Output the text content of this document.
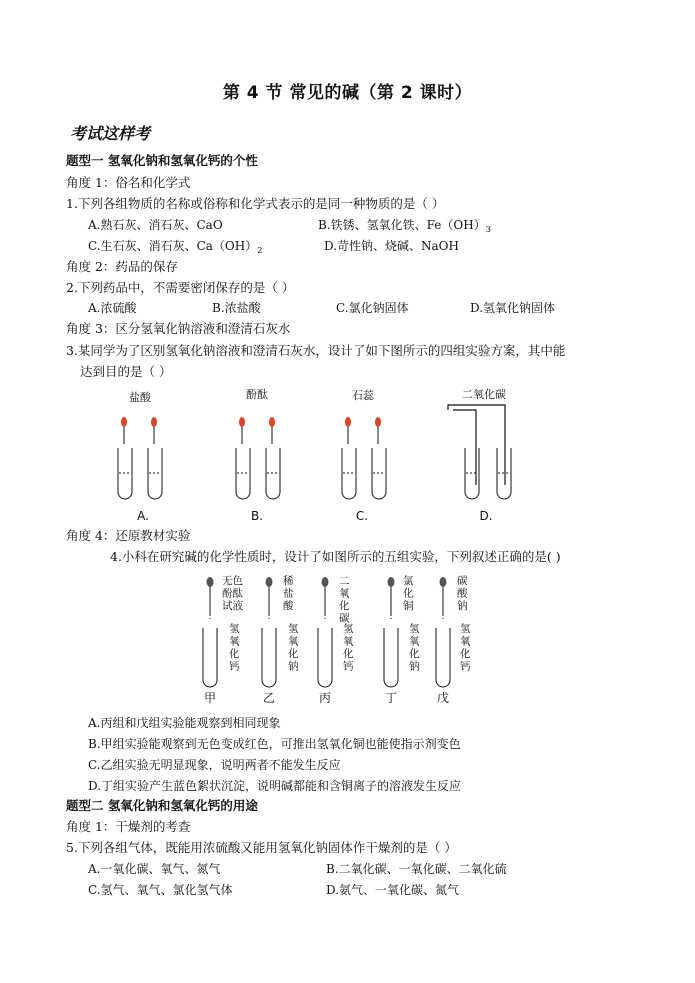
第 4 节 常见的碱（第 2 课时）
考试这样考
题型一 氢氧化钠和氢氧化钙的个性
角度 1：俗名和化学式
1.下列各组物质的名称或俗称和化学式表示的是同一种物质的是（ ）
A.熟石灰、消石灰、CaO	B.铁锈、氢氧化铁、$Fe(OH)_3$
C.生石灰、消石灰、$Ca(OH)_2$	D.苛性钠、烧碱、NaOH
角度 2：药品的保存
2.下列药品中，不需要密闭保存的是（ ）
A.浓硫酸	B.浓盐酸	C.氯化钠固体	D.氢氧化钠固体
角度 3：区分氢氧化钠溶液和澄清石灰水
3.某同学为了区别氢氧化钠溶液和澄清石灰水，设计了如下图所示的四组实验方案，其中能
达到目的是（ ）
盐酸	酚酞	石蕊	二氧化碳
A.	B.	C.	D.
角度 4：还原教材实验
4.小科在研究碱的化学性质时，设计了如图所示的五组实验，下列叙述正确的是( )
无色酚酞试液
稀盐酸
二氧化碳
氯化铜
碳酸钠
氢氧化钙
氢氧化钠
氢氧化钙
氢氧化钠
氢氧化钙
甲	乙	丙	丁	戊
A.丙组和戊组实验能观察到相同现象
B.甲组实验能观察到无色变成红色，可推出氢氧化铜也能使指示剂变色
C.乙组实验无明显现象，说明两者不能发生反应
D.丁组实验产生蓝色絮状沉淀，说明碱都能和含铜离子的溶液发生反应
题型二 氢氧化钠和氢氧化钙的用途
角度 1：干燥剂的考查
5.下列各组气体，既能用浓硫酸又能用氢氧化钠固体作干燥剂的是（ ）
A.一氧化碳、氧气、氮气	B.二氧化碳、一氧化碳、二氧化硫
C.氢气、氧气、氯化氢气体	D.氨气、一氧化碳、氮气
